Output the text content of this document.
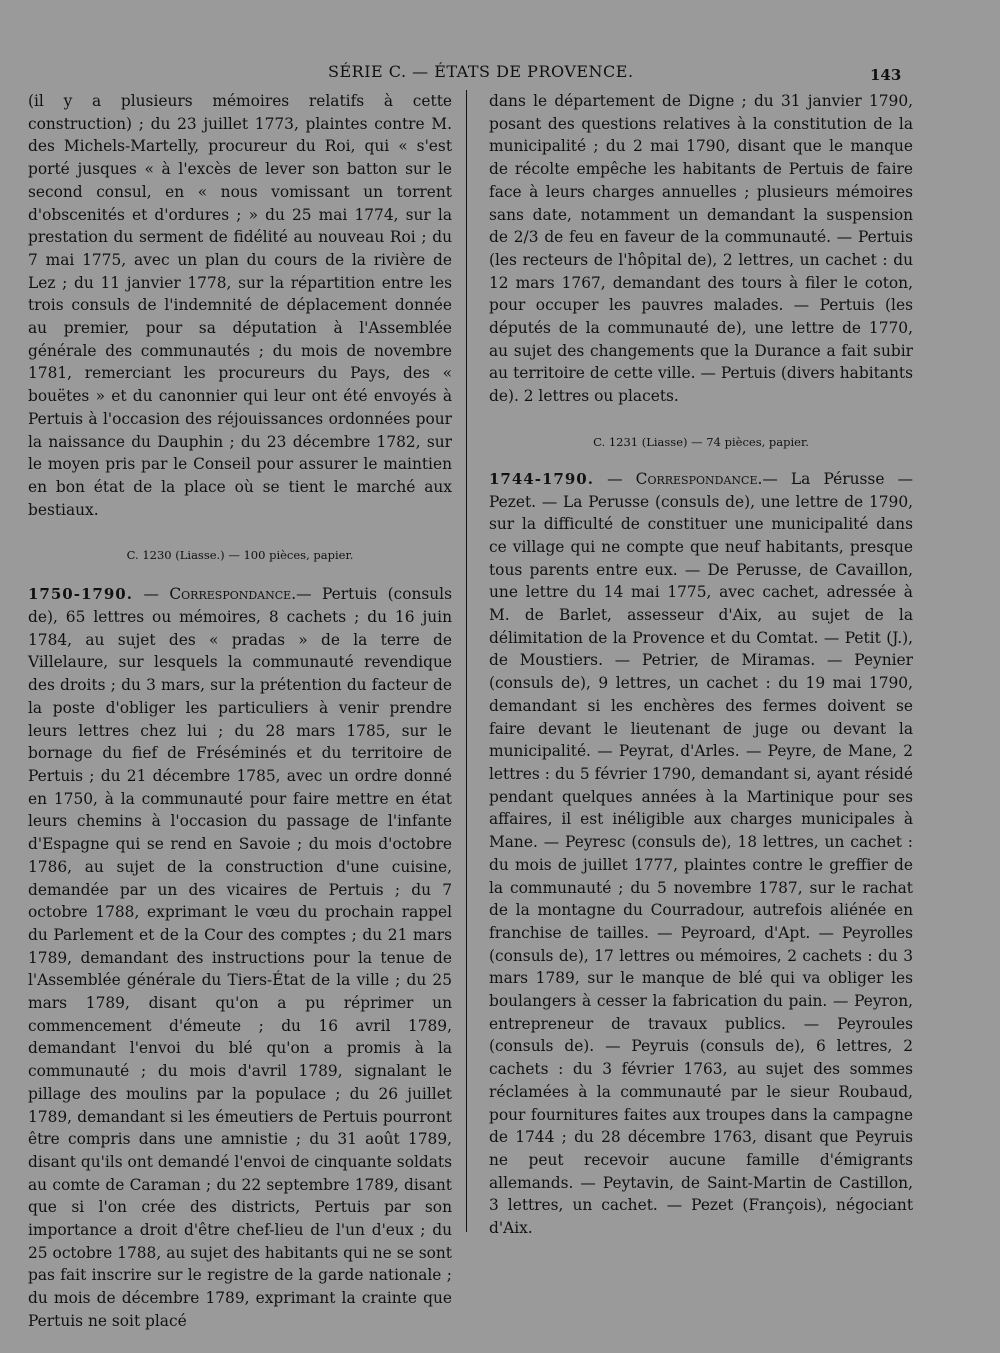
SÉRIE C. — ÉTATS DE PROVENCE.	143

(il y a plusieurs mémoires relatifs à cette construction) ; du 23 juillet 1773, plaintes contre M. des Michels-Martelly, procureur du Roi, qui « s'est porté jusques « à l'excès de lever son batton sur le second consul, en « nous vomissant un torrent d'obscenités et d'ordures ; » du 25 mai 1774, sur la prestation du serment de fidélité au nouveau Roi ; du 7 mai 1775, avec un plan du cours de la rivière de Lez ; du 11 janvier 1778, sur la répartition entre les trois consuls de l'indemnité de déplacement donnée au premier, pour sa députation à l'Assemblée générale des communautés ; du mois de novembre 1781, remerciant les procureurs du Pays, des « bouëtes » et du canonnier qui leur ont été envoyés à Pertuis à l'occasion des réjouissances ordonnées pour la naissance du Dauphin ; du 23 décembre 1782, sur le moyen pris par le Conseil pour assurer le maintien en bon état de la place où se tient le marché aux bestiaux.

C. 1230 (Liasse.) — 100 pièces, papier.

1750-1790. — Correspondance.— Pertuis (consuls de), 65 lettres ou mémoires, 8 cachets ; du 16 juin 1784, au sujet des « pradas » de la terre de Villelaure, sur lesquels la communauté revendique des droits ; du 3 mars, sur la prétention du facteur de la poste d'obliger les particuliers à venir prendre leurs lettres chez lui ; du 28 mars 1785, sur le bornage du fief de Fréséminés et du territoire de Pertuis ; du 21 décembre 1785, avec un ordre donné en 1750, à la communauté pour faire mettre en état leurs chemins à l'occasion du passage de l'infante d'Espagne qui se rend en Savoie ; du mois d'octobre 1786, au sujet de la construction d'une cuisine, demandée par un des vicaires de Pertuis ; du 7 octobre 1788, exprimant le vœu du prochain rappel du Parlement et de la Cour des comptes ; du 21 mars 1789, demandant des instructions pour la tenue de l'Assemblée générale du Tiers-État de la ville ; du 25 mars 1789, disant qu'on a pu réprimer un commencement d'émeute ; du 16 avril 1789, demandant l'envoi du blé qu'on a promis à la communauté ; du mois d'avril 1789, signalant le pillage des moulins par la populace ; du 26 juillet 1789, demandant si les émeutiers de Pertuis pourront être compris dans une amnistie ; du 31 août 1789, disant qu'ils ont demandé l'envoi de cinquante soldats au comte de Caraman ; du 22 septembre 1789, disant que si l'on crée des districts, Pertuis par son importance a droit d'être chef-lieu de l'un d'eux ; du 25 octobre 1788, au sujet des habitants qui ne se sont pas fait inscrire sur le registre de la garde nationale ; du mois de décembre 1789, exprimant la crainte que Pertuis ne soit placé

dans le département de Digne ; du 31 janvier 1790, posant des questions relatives à la constitution de la municipalité ; du 2 mai 1790, disant que le manque de récolte empêche les habitants de Pertuis de faire face à leurs charges annuelles ; plusieurs mémoires sans date, notamment un demandant la suspension de 2/3 de feu en faveur de la communauté. — Pertuis (les recteurs de l'hôpital de), 2 lettres, un cachet : du 12 mars 1767, demandant des tours à filer le coton, pour occuper les pauvres malades. — Pertuis (les députés de la communauté de), une lettre de 1770, au sujet des changements que la Durance a fait subir au territoire de cette ville. — Pertuis (divers habitants de). 2 lettres ou placets.

C. 1231 (Liasse) — 74 pièces, papier.

1744-1790. — Correspondance.— La Pérusse — Pezet. — La Perusse (consuls de), une lettre de 1790, sur la difficulté de constituer une municipalité dans ce village qui ne compte que neuf habitants, presque tous parents entre eux. — De Perusse, de Cavaillon, une lettre du 14 mai 1775, avec cachet, adressée à M. de Barlet, assesseur d'Aix, au sujet de la délimitation de la Provence et du Comtat. — Petit (J.), de Moustiers. — Petrier, de Miramas. — Peynier (consuls de), 9 lettres, un cachet : du 19 mai 1790, demandant si les enchères des fermes doivent se faire devant le lieutenant de juge ou devant la municipalité. — Peyrat, d'Arles. — Peyre, de Mane, 2 lettres : du 5 février 1790, demandant si, ayant résidé pendant quelques années à la Martinique pour ses affaires, il est inéligible aux charges municipales à Mane. — Peyresc (consuls de), 18 lettres, un cachet : du mois de juillet 1777, plaintes contre le greffier de la communauté ; du 5 novembre 1787, sur le rachat de la montagne du Courradour, autrefois aliénée en franchise de tailles. — Peyroard, d'Apt. — Peyrolles (consuls de), 17 lettres ou mémoires, 2 cachets : du 3 mars 1789, sur le manque de blé qui va obliger les boulangers à cesser la fabrication du pain. — Peyron, entrepreneur de travaux publics. — Peyroules (consuls de). — Peyruis (consuls de), 6 lettres, 2 cachets : du 3 février 1763, au sujet des sommes réclamées à la communauté par le sieur Roubaud, pour fournitures faites aux troupes dans la campagne de 1744 ; du 28 décembre 1763, disant que Peyruis ne peut recevoir aucune famille d'émigrants allemands. — Peytavin, de Saint-Martin de Castillon, 3 lettres, un cachet. — Pezet (François), négociant d'Aix.
